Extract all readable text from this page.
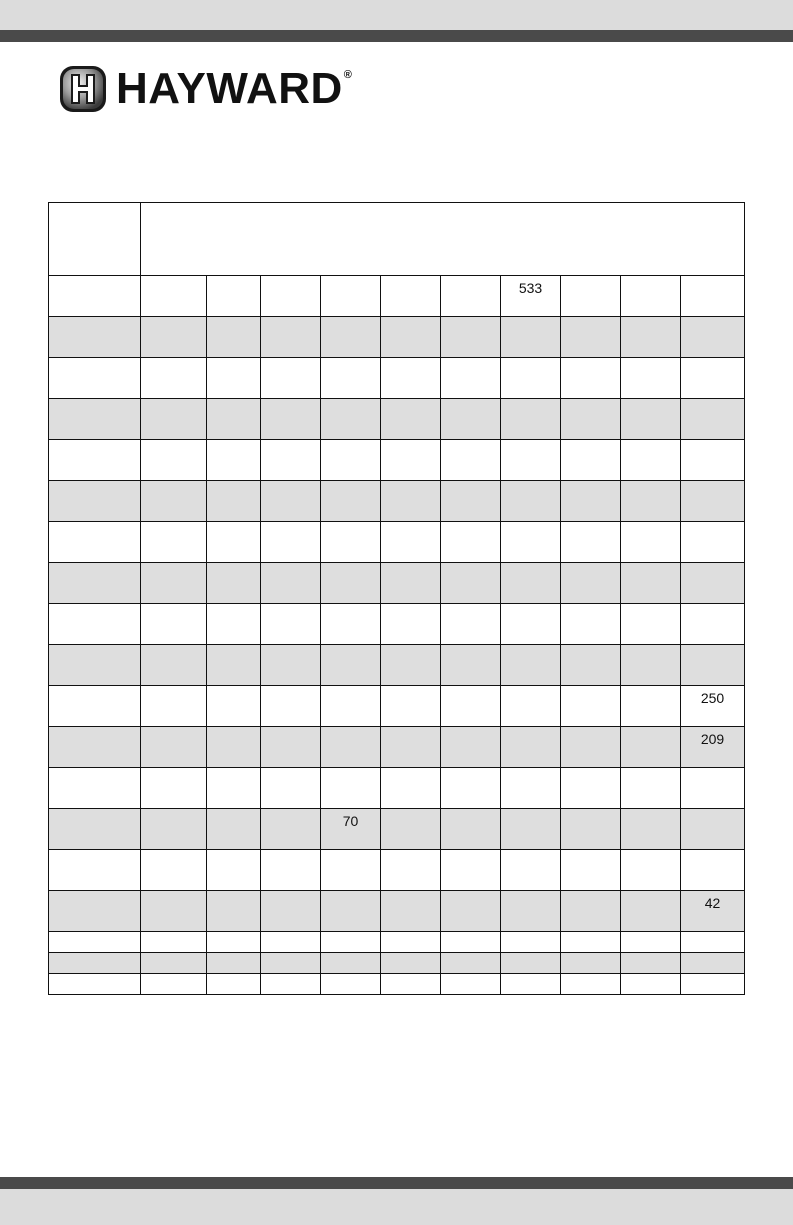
HAYWARD®

							533			

										250

										209

				70						

										42
